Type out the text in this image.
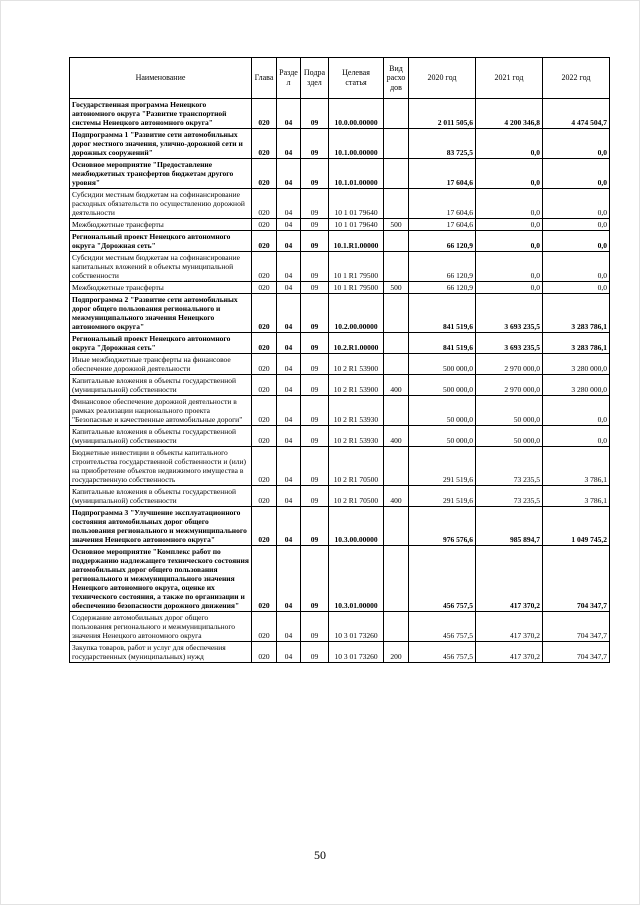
Наименование	Глава	Раздел	Подраздел	Целевая статья	Вид расходов	2020 год	2021 год	2022 год
Государственная программа Ненецкого автономного округа "Развитие транспортной системы Ненецкого автономного округа"	020	04	09	10.0.00.00000		2 011 505,6	4 200 346,8	4 474 504,7
Подпрограмма 1 "Развитие сети автомобильных дорог местного значения, улично-дорожной сети и дорожных сооружений"	020	04	09	10.1.00.00000		83 725,5	0,0	0,0
Основное мероприятие "Предоставление межбюджетных трансфертов бюджетам другого уровня"	020	04	09	10.1.01.00000		17 604,6	0,0	0,0
Субсидии местным бюджетам на софинансирование расходных обязательств по осуществлению дорожной деятельности	020	04	09	10 1 01 79640		17 604,6	0,0	0,0
Межбюджетные трансферты	020	04	09	10 1 01 79640	500	17 604,6	0,0	0,0
Региональный проект Ненецкого автономного округа "Дорожная сеть"	020	04	09	10.1.R1.00000		66 120,9	0,0	0,0
Субсидии местным бюджетам на софинансирование капитальных вложений в объекты муниципальной собственности	020	04	09	10 1 R1 79500		66 120,9	0,0	0,0
Межбюджетные трансферты	020	04	09	10 1 R1 79500	500	66 120,9	0,0	0,0
Подпрограмма 2 "Развитие сети автомобильных дорог общего пользования регионального и межмуниципального значения Ненецкого автономного округа"	020	04	09	10.2.00.00000		841 519,6	3 693 235,5	3 283 786,1
Региональный проект Ненецкого автономного округа "Дорожная сеть"	020	04	09	10.2.R1.00000		841 519,6	3 693 235,5	3 283 786,1
Иные межбюджетные трансферты на финансовое обеспечение дорожной деятельности	020	04	09	10 2 R1 53900		500 000,0	2 970 000,0	3 280 000,0
Капитальные вложения в объекты государственной (муниципальной) собственности	020	04	09	10 2 R1 53900	400	500 000,0	2 970 000,0	3 280 000,0
Финансовое обеспечение дорожной деятельности в рамках реализации национального проекта "Безопасные и качественные автомобильные дороги"	020	04	09	10 2 R1 53930		50 000,0	50 000,0	0,0
Капитальные вложения в объекты государственной (муниципальной) собственности	020	04	09	10 2 R1 53930	400	50 000,0	50 000,0	0,0
Бюджетные инвестиции в объекты капитального строительства государственной собственности и (или) на приобретение объектов недвижимого имущества в государственную собственность	020	04	09	10 2 R1 70500		291 519,6	73 235,5	3 786,1
Капитальные вложения в объекты государственной (муниципальной) собственности	020	04	09	10 2 R1 70500	400	291 519,6	73 235,5	3 786,1
Подпрограмма 3 "Улучшение эксплуатационного состояния автомобильных дорог общего пользования регионального и межмуниципального значения Ненецкого автономного округа"	020	04	09	10.3.00.00000		976 576,6	985 894,7	1 049 745,2
Основное мероприятие "Комплекс работ по поддержанию надлежащего технического состояния автомобильных дорог общего пользования регионального и межмуниципального значения Ненецкого автономного округа, оценке их технического состояния, а также по организации и обеспечению безопасности дорожного движения"	020	04	09	10.3.01.00000		456 757,5	417 370,2	704 347,7
Содержание автомобильных дорог общего пользования регионального и межмуниципального значения Ненецкого автономного округа	020	04	09	10 3 01 73260		456 757,5	417 370,2	704 347,7
Закупка товаров, работ и услуг для обеспечения государственных (муниципальных) нужд	020	04	09	10 3 01 73260	200	456 757,5	417 370,2	704 347,7
50
